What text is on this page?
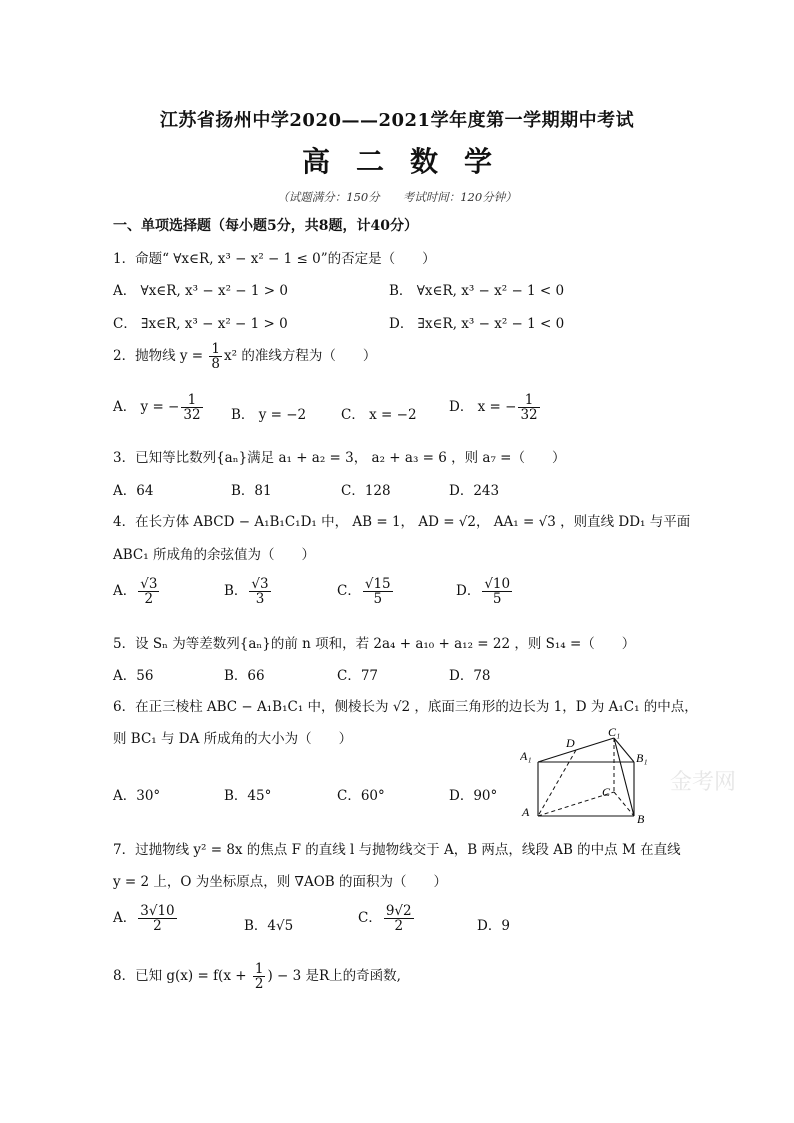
江苏省扬州中学2020——2021学年度第一学期期中考试
高二数学
（试题满分：150分　　考试时间：120分钟）
一、单项选择题（每小题5分，共8题，计40分）
1．命题“ ∀x∈R, x³ − x² − 1 ≤ 0”的否定是（　　）
A． ∀x∈R, x³ − x² − 1 > 0	B． ∀x∈R, x³ − x² − 1 < 0
C． ∃x∈R, x³ − x² − 1 > 0	D． ∃x∈R, x³ − x² − 1 < 0
2．抛物线 $y = \frac{1}{8} x^2$ 的准线方程为（　　）
A． y = − $\frac{1}{32}$ B． y = −2	C． x = −2 D． x = − $\frac{1}{32}$
3．已知等比数列{aₙ}满足 a₁ + a₂ = 3， a₂ + a₃ = 6 ，则 a₇ =（　　）
A．64	B．81	C．128	D．243
4．在长方体 ABCD − A₁B₁C₁D₁ 中， AB = 1， AD = √2， AA₁ = √3 ，则直线 DD₁ 与平面
ABC₁ 所成角的余弦值为（　　）
A． $\frac{√3}{2}$	B． $\frac{√3}{3}$	C． $\frac{√15}{5}$	D． $\frac{√10}{5}$
5．设 Sₙ 为等差数列{aₙ}的前 n 项和，若 2a₄ + a₁₀ + a₁₂ = 22 ，则 S₁₄ =（　　）
A．56	B．66	C．77	D．78
6．在正三棱柱 ABC − A₁B₁C₁ 中，侧棱长为 √2 ，底面三角形的边长为 1，D 为 A₁C₁ 的中点，
则 BC₁ 与 DA 所成角的大小为（　　）
A．30°	B．45°	C．60°	D．90°
金考网
A	B
C
A₁	B₁
C₁
D
7．过抛物线 y² = 8x 的焦点 F 的直线 l 与抛物线交于 A，B 两点，线段 AB 的中点 M 在直线
y = 2 上，O 为坐标原点，则 ∇AOB 的面积为（　　）
A． $\frac{3√10}{2}$	B．4√5	C． $\frac{9√2}{2}$	D．9
8．已知 $g(x) = f(x + \frac{1}{2}$ ) − 3 是R上的奇函数,
